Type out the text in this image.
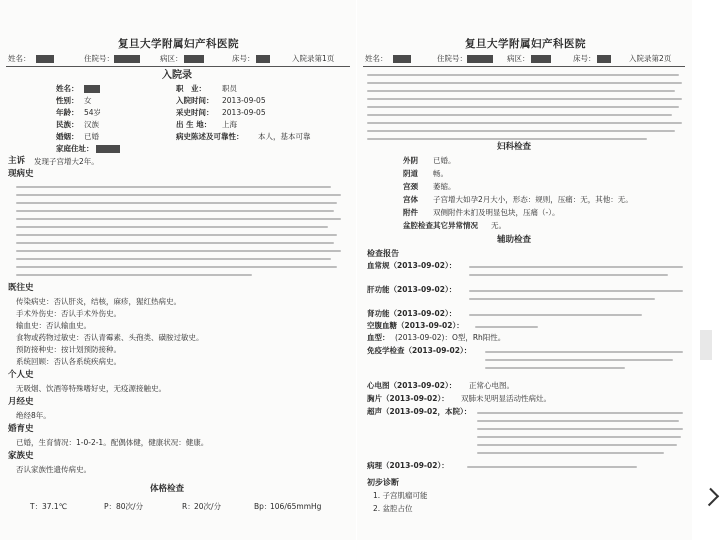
复旦大学附属妇产科医院
姓名：	住院号：	病区：	床号：	入院录第1页
入院录
姓名：
性别： 女
年龄： 54岁
民族： 汉族
婚姻： 已婚
家庭住址：
职　业： 职员
入院时间： 2013-09-05
采史时间： 2013-09-05
出 生 地： 上海
病史陈述及可靠性： 本人，基本可靠
主诉 发现子宫增大2年。
现病史
既往史
传染病史：否认肝炎，结核，麻疹，猩红热病史。
手术外伤史：否认手术外伤史。
输血史：否认输血史。
食物或药物过敏史：否认青霉素、头孢类、磺胺过敏史。
预防接种史：按计划预防接种。
系统回顾：否认各系统疾病史。
个人史
无吸烟、饮酒等特殊嗜好史，无疫源接触史。
月经史
绝经8年。
婚育史
已婚，生育情况：1-0-2-1。配偶体健，健康状况：健康。
家族史
否认家族性遗传病史。
体格检查
T： 37.1℃	P： 80次/分	R： 20次/分	Bp：
106/65mmHg
复旦大学附属妇产科医院
姓名：	住院号：	病区：	床号：	入院录第2页
妇科检查
外阴 已婚。
阴道 畅。
宫颈 萎缩。
宫体 子宫增大如孕2月大小，形态：规则，压痛：无，其他：无。
附件 双侧附件未扪及明显包块，压痛（-）。
盆腔检查其它异常情况 无。
辅助检查
检查报告
血常规（2013-09-02）：
肝功能（2013-09-02）：
肾功能（2013-09-02）：
空腹血糖（2013-09-02）：
血型： (2013-09-02)：O型，Rh阳性。
免疫学检查（2013-09-02）：
心电图（2013-09-02）： 正常心电图。
胸片（2013-09-02）： 双肺未见明显活动性病灶。
超声（2013-09-02，本院）：
病理（2013-09-02）：
初步诊断
1. 子宫肌瘤可能
2. 盆腔占位
